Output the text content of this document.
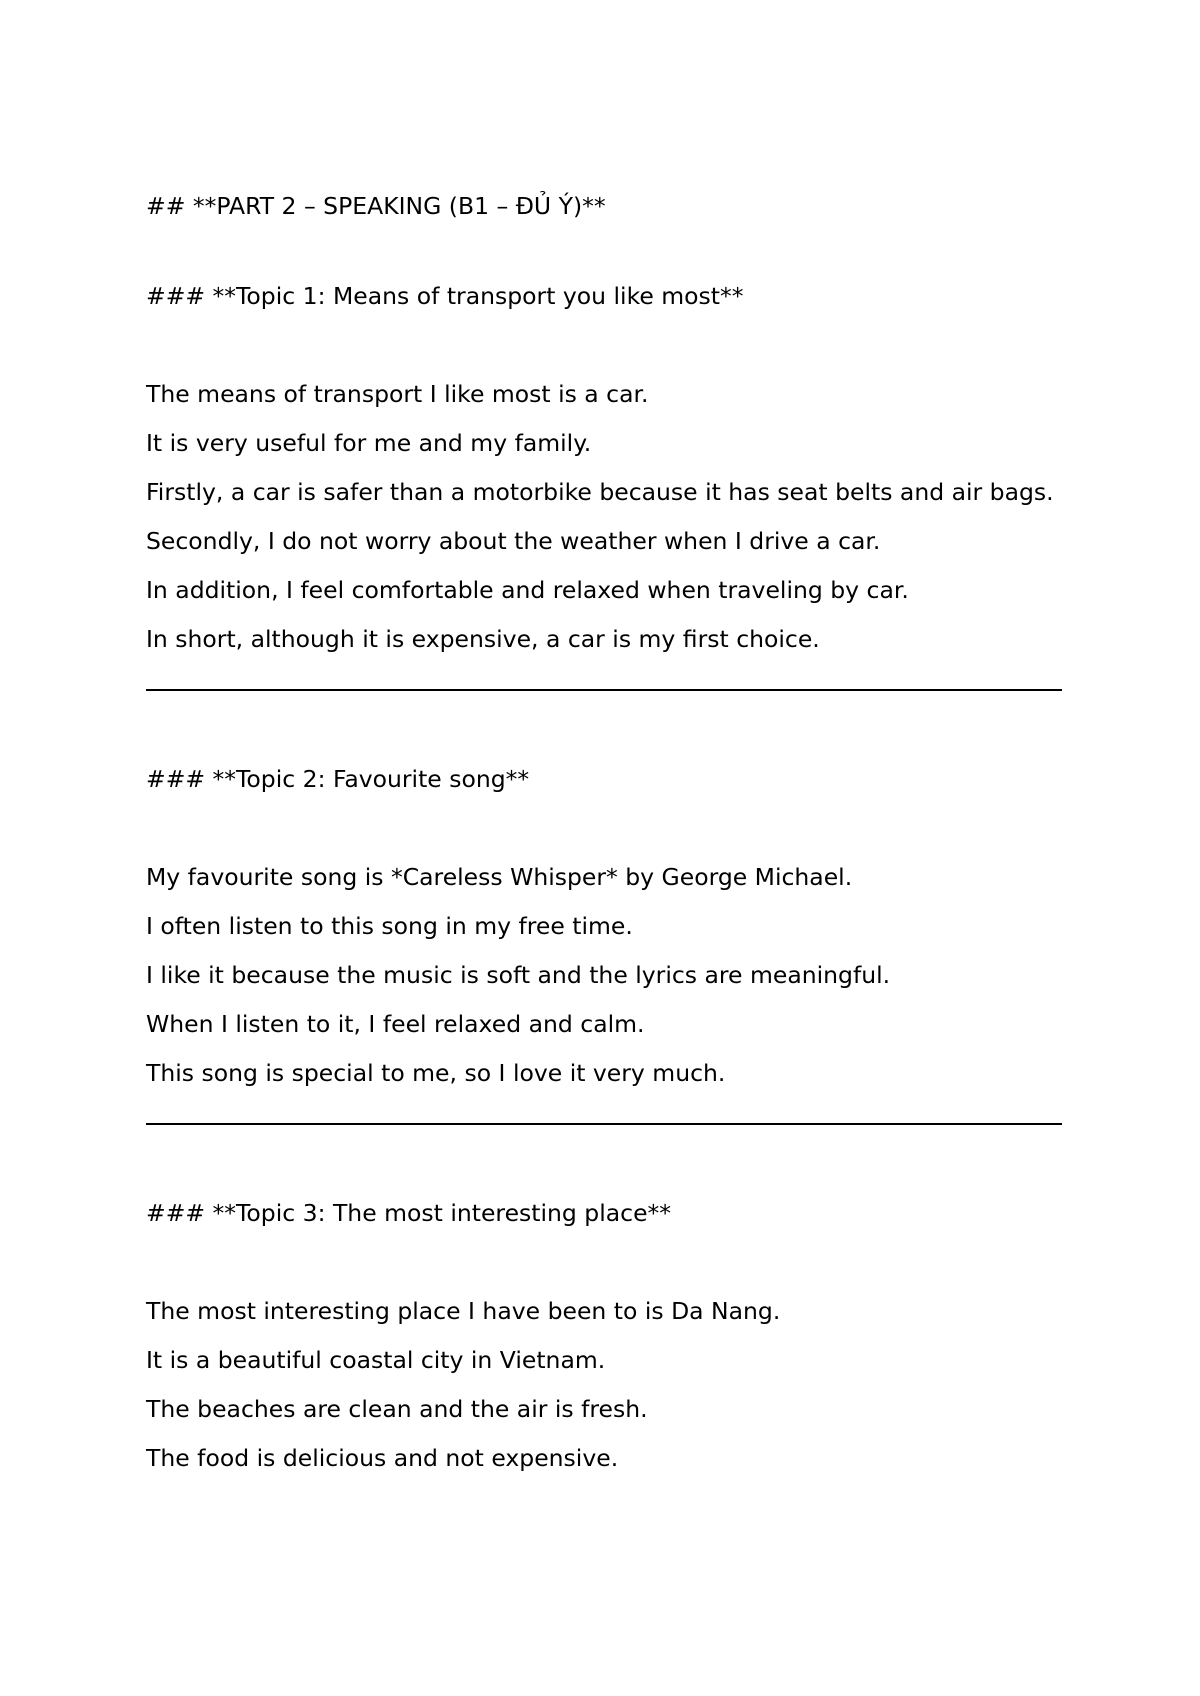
## **PART 2 – SPEAKING (B1 – ĐỦ Ý)**

### **Topic 1: Means of transport you like most**

The means of transport I like most is a car.

It is very useful for me and my family.

Firstly, a car is safer than a motorbike because it has seat belts and air bags.

Secondly, I do not worry about the weather when I drive a car.

In addition, I feel comfortable and relaxed when traveling by car.

In short, although it is expensive, a car is my first choice.

### **Topic 2: Favourite song**

My favourite song is *Careless Whisper* by George Michael.

I often listen to this song in my free time.

I like it because the music is soft and the lyrics are meaningful.

When I listen to it, I feel relaxed and calm.

This song is special to me, so I love it very much.

### **Topic 3: The most interesting place**

The most interesting place I have been to is Da Nang.

It is a beautiful coastal city in Vietnam.

The beaches are clean and the air is fresh.

The food is delicious and not expensive.
